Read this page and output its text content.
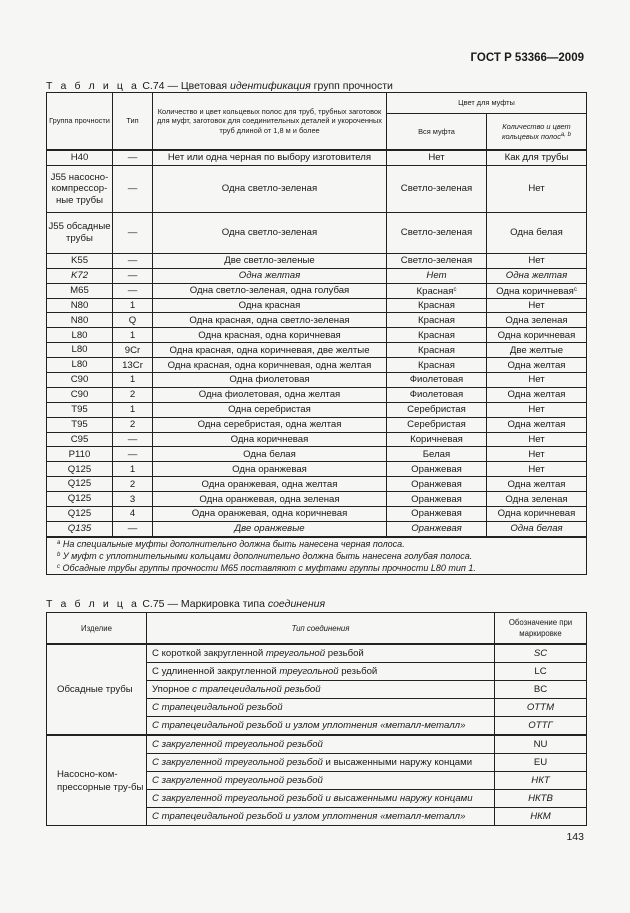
ГОСТ Р 53366—2009
Т а б л и ц а С.74 — Цветовая идентификация групп прочности
Группа прочности	Тип	Количество и цвет кольцевых полос для труб, трубных заготовок для муфт, заготовок для соединительных деталей и укороченных труб длиной от 1,8 м и более	Цвет для муфты	
			Вся муфта	Количество и цвет кольцевых полос$^{a, b}$
H40	—	Нет или одна черная по выбору изготовителя	Нет	Как для трубы
J55 насосно-компрессор-ные трубы	—	Одна светло-зеленая	Светло-зеленая	Нет
J55 обсадные трубы	—	Одна светло-зеленая	Светло-зеленая	Одна белая
K55	—	Две светло-зеленые	Светло-зеленая	Нет
K72	—	Одна желтая	Нет	Одна желтая
M65	—	Одна светло-зеленая, одна голубая	Красная$^c$	Одна коричневая$^c$
N80	1	Одна красная	Красная	Нет
N80	Q	Одна красная, одна светло-зеленая	Красная	Одна зеленая
L80	1	Одна красная, одна коричневая	Красная	Одна коричневая
L80	9Cr	Одна красная, одна коричневая, две желтые	Красная	Две желтые
L80	13Cr	Одна красная, одна коричневая, одна желтая	Красная	Одна желтая
C90	1	Одна фиолетовая	Фиолетовая	Нет
C90	2	Одна фиолетовая, одна желтая	Фиолетовая	Одна желтая
T95	1	Одна серебристая	Серебристая	Нет
T95	2	Одна серебристая, одна желтая	Серебристая	Одна желтая
C95	—	Одна коричневая	Коричневая	Нет
P110	—	Одна белая	Белая	Нет
Q125	1	Одна оранжевая	Оранжевая	Нет
Q125	2	Одна оранжевая, одна желтая	Оранжевая	Одна желтая
Q125	3	Одна оранжевая, одна зеленая	Оранжевая	Одна зеленая
Q125	4	Одна оранжевая, одна коричневая	Оранжевая	Одна коричневая
Q135	—	Две оранжевые	Оранжевая	Одна белая

$^a$ На специальные муфты дополнительно должна быть нанесена черная полоса.
$^b$ У муфт с уплотнительными кольцами дополнительно должна быть нанесена голубая полоса.
$^c$ Обсадные трубы группы прочности M65 поставляют с муфтами группы прочности L80 тип 1.				
Т а б л и ц а С.75 — Маркировка типа соединения
Изделие	Тип соединения	Обозначение при маркировке
Обсадные трубы	С короткой закругленной треугольной резьбой	SC
	С удлиненной закругленной треугольной резьбой	LC
	Упорное с трапецеидальной резьбой	BC
	С трапецеидальной резьбой	ОТТМ
	С трапецеидальной резьбой и узлом уплотнения «металл-металл»	ОТТГ
Насосно-ком-прессорные тру-бы	С закругленной треугольной резьбой	NU
	С закругленной треугольной резьбой и высаженными наружу концами	EU
	С закругленной треугольной резьбой	НКТ
	С закругленной треугольной резьбой и высаженными наружу концами	НКТВ
	С трапецеидальной резьбой и узлом уплотнения «металл-металл»	НКМ
143
